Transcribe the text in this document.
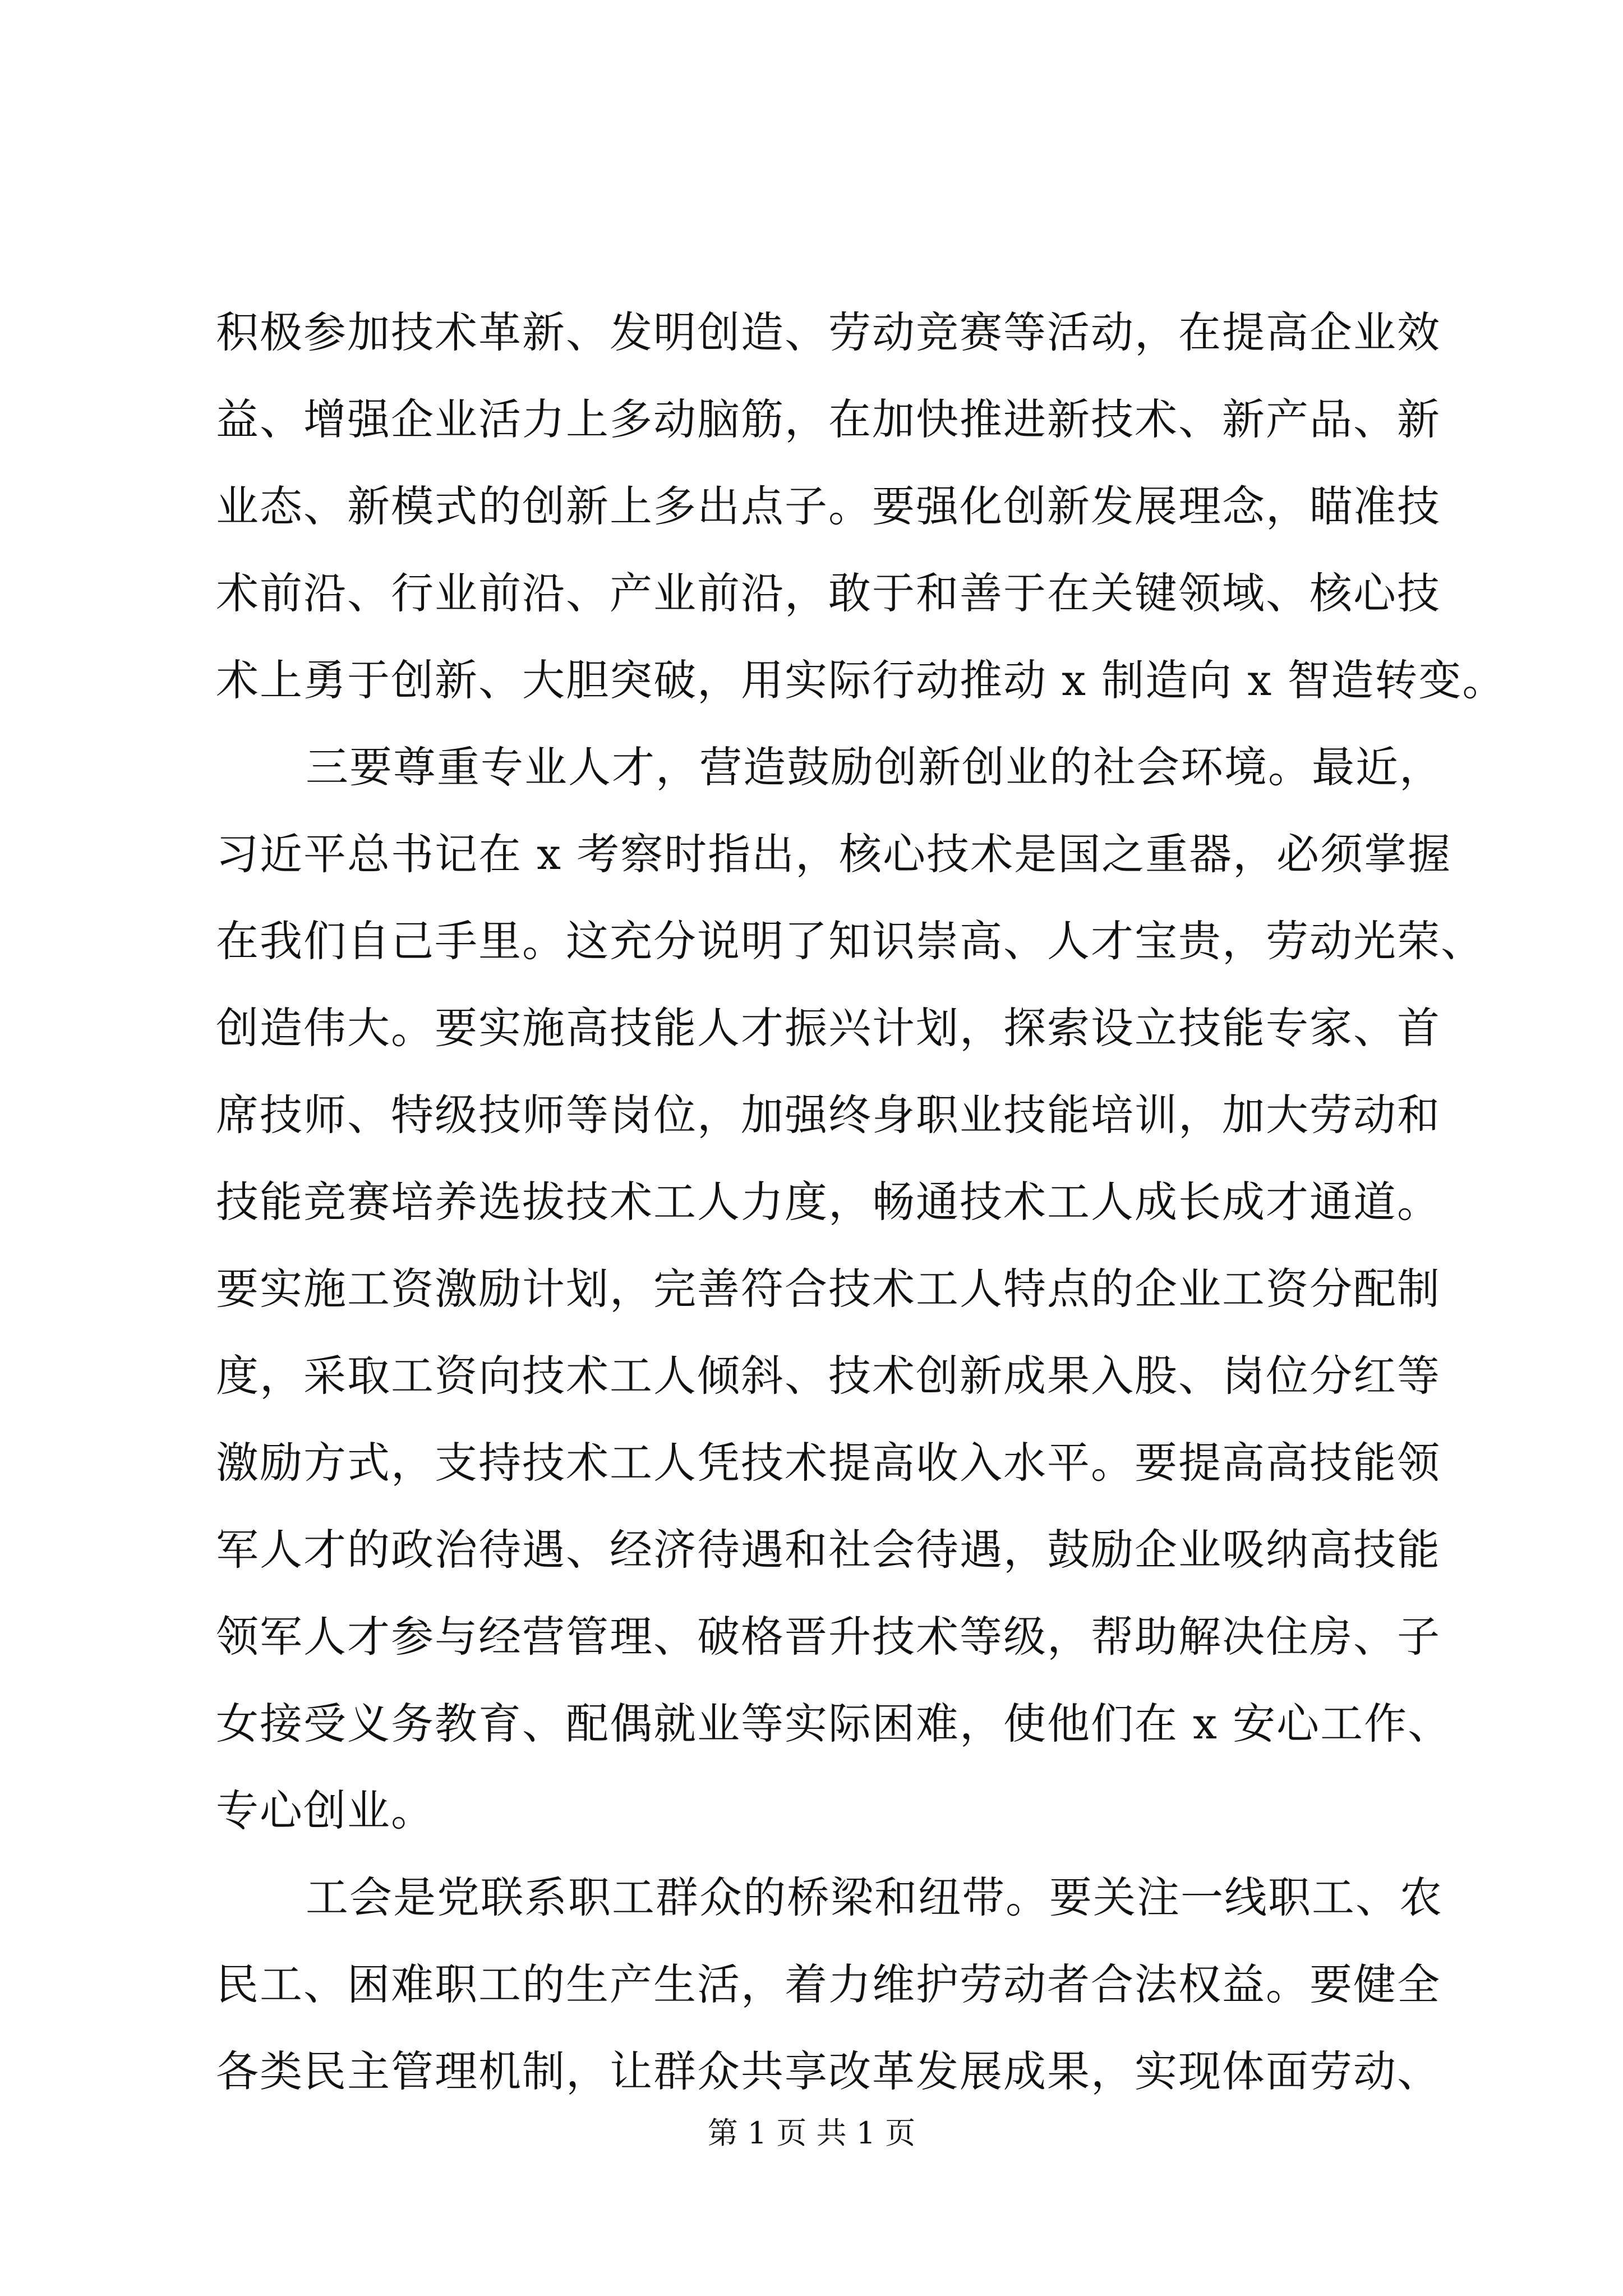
积极参加技术革新、发明创造、劳动竞赛等活动，在提高企业效
益、增强企业活力上多动脑筋，在加快推进新技术、新产品、新
业态、新模式的创新上多出点子。要强化创新发展理念，瞄准技
术前沿、行业前沿、产业前沿，敢于和善于在关键领域、核心技
术上勇于创新、大胆突破，用实际行动推动 x 制造向 x 智造转变。
三要尊重专业人才，营造鼓励创新创业的社会环境。最近，
习近平总书记在 x 考察时指出，核心技术是国之重器，必须掌握
在我们自己手里。这充分说明了知识崇高、人才宝贵，劳动光荣、
创造伟大。要实施高技能人才振兴计划，探索设立技能专家、首
席技师、特级技师等岗位，加强终身职业技能培训，加大劳动和
技能竞赛培养选拔技术工人力度，畅通技术工人成长成才通道。
要实施工资激励计划，完善符合技术工人特点的企业工资分配制
度，采取工资向技术工人倾斜、技术创新成果入股、岗位分红等
激励方式，支持技术工人凭技术提高收入水平。要提高高技能领
军人才的政治待遇、经济待遇和社会待遇，鼓励企业吸纳高技能
领军人才参与经营管理、破格晋升技术等级，帮助解决住房、子
女接受义务教育、配偶就业等实际困难，使他们在 x 安心工作、
专心创业。
工会是党联系职工群众的桥梁和纽带。要关注一线职工、农
民工、困难职工的生产生活，着力维护劳动者合法权益。要健全
各类民主管理机制，让群众共享改革发展成果，实现体面劳动、
第 1 页 共 1 页
